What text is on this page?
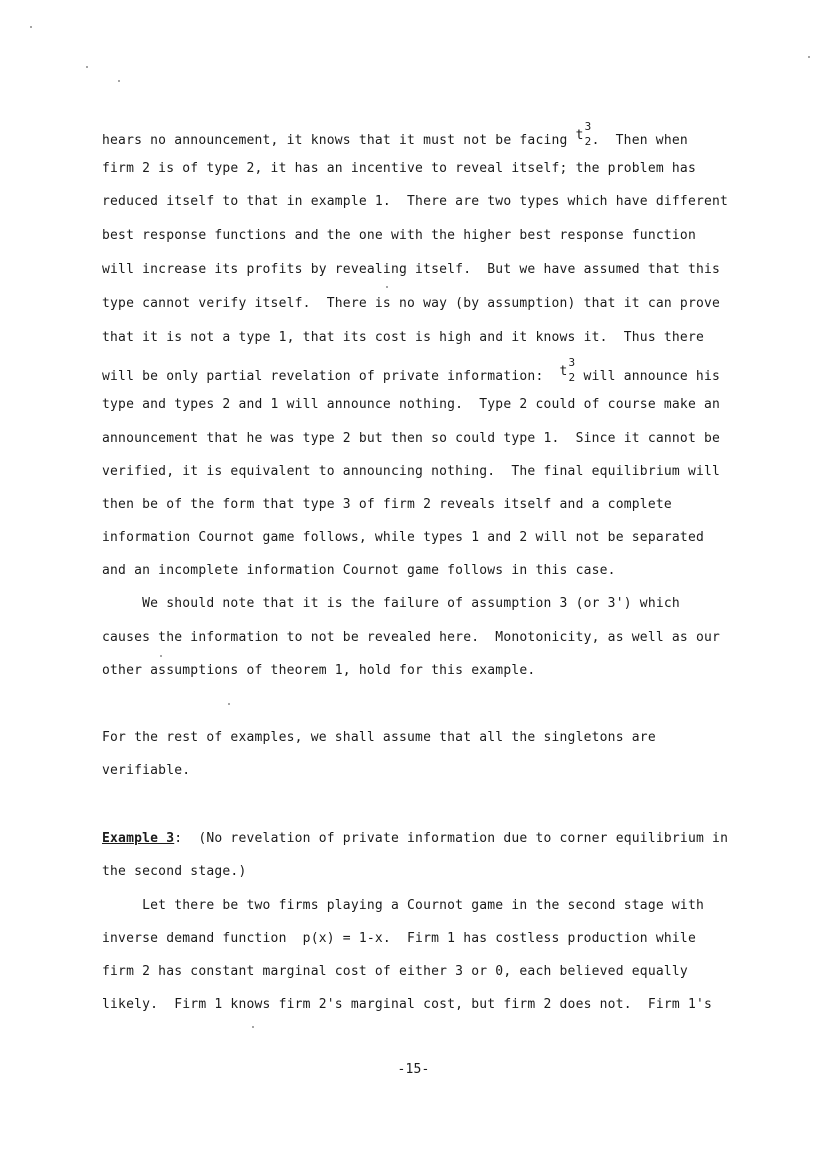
hears no announcement, it knows that it must not be facing t
3
2 .  Then when
firm 2 is of type 2, it has an incentive to reveal itself; the problem has
reduced itself to that in example 1.  There are two types which have different
best response functions and the one with the higher best response function
will increase its profits by revealing itself.  But we have assumed that this
type cannot verify itself.  There is no way (by assumption) that it can prove
that it is not a type 1, that its cost is high and it knows it.  Thus there
will be only partial revelation of private information: t
3
2 will announce his
type and types 2 and 1 will announce nothing.  Type 2 could of course make an
announcement that he was type 2 but then so could type 1.  Since it cannot be
verified, it is equivalent to announcing nothing.  The final equilibrium will
then be of the form that type 3 of firm 2 reveals itself and a complete
information Cournot game follows, while types 1 and 2 will not be separated
and an incomplete information Cournot game follows in this case.
We should note that it is the failure of assumption 3 (or 3') which
causes the information to not be revealed here.  Monotonicity, as well as our
other assumptions of theorem 1, hold for this example.
For the rest of examples, we shall assume that all the singletons are
verifiable.
Example 3:  (No revelation of private information due to corner equilibrium in
the second stage.)
Let there be two firms playing a Cournot game in the second stage with
inverse demand function  p(x) = 1-x.  Firm 1 has costless production while
firm 2 has constant marginal cost of either 3 or 0, each believed equally
likely.  Firm 1 knows firm 2's marginal cost, but firm 2 does not.  Firm 1's
-15-
